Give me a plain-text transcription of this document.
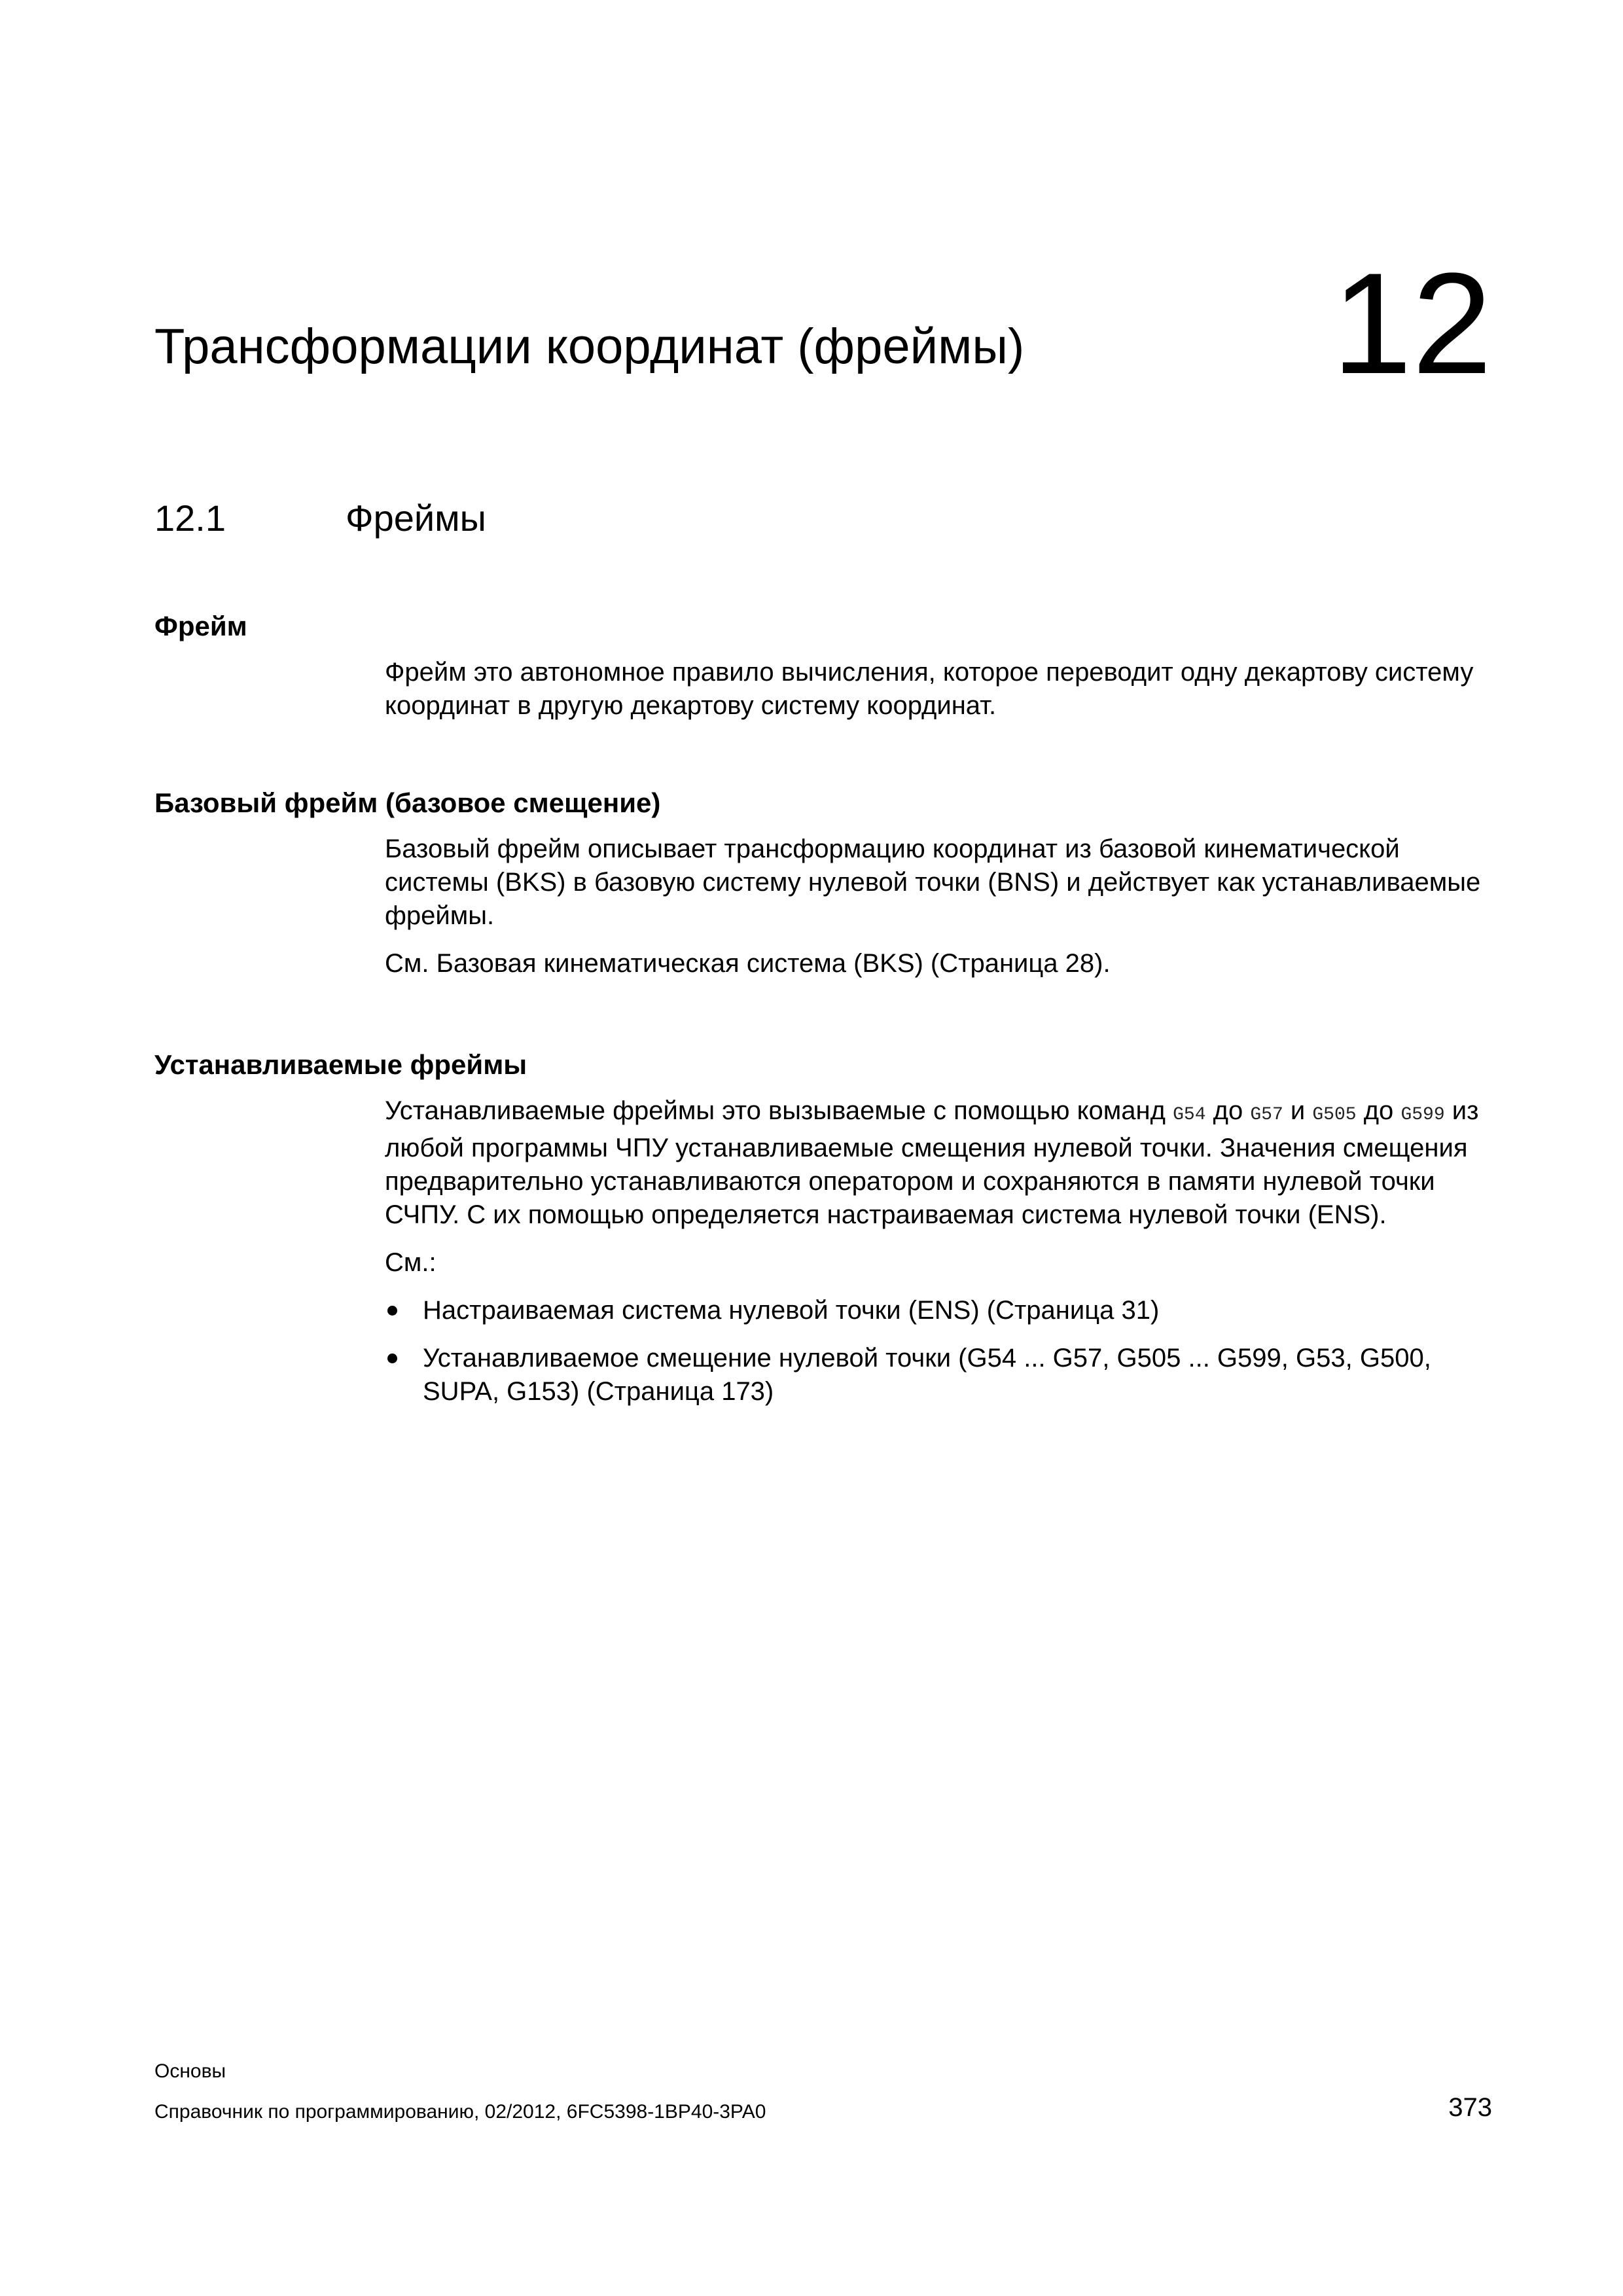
Трансформации координат (фреймы) 12
12.1	Фреймы
Фрейм

Фрейм это автономное правило вычисления, которое переводит одну декартову систему координат в другую декартову систему координат.

Базовый фрейм (базовое смещение)

Базовый фрейм описывает трансформацию координат из базовой кинематической системы (BKS) в базовую систему нулевой точки (BNS) и действует как устанавливаемые фреймы.

См. Базовая кинематическая система (BKS) (Страница 28).

Устанавливаемые фреймы

Устанавливаемые фреймы это вызываемые с помощью команд G54 до G57 и G505 до G599 из любой программы ЧПУ устанавливаемые смещения нулевой точки. Значения смещения предварительно устанавливаются оператором и сохраняются в памяти нулевой точки СЧПУ. С их помощью определяется настраиваемая система нулевой точки (ENS).

См.:

Настраиваемая система нулевой точки (ENS) (Страница 31)
Устанавливаемое смещение нулевой точки (G54 ... G57, G505 ... G599, G53, G500, SUPA, G153) (Страница 173)
Основы
Справочник по программированию, 02/2012, 6FC5398-1BP40-3PA0	373
